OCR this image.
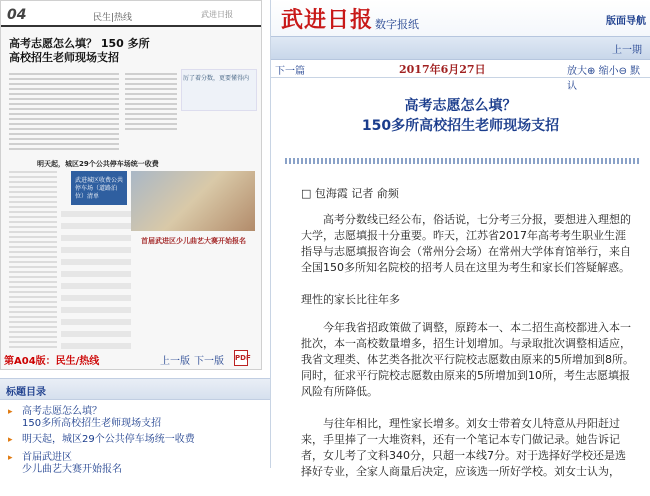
04	民生|热线	武进日报
高考志愿怎么填？ 150 多所高校招生老师现场支招
厉了着分数，更要懂得内
明天起，城区29个公共停车场统一收费
武进城区收费公共停车场（道路泊位）清单
首届武进区少儿曲艺大赛开始报名
第A04版：民生/热线	上一版 下一版 PDF
标题目录
▸ 高考志愿怎么填？
150多所高校招生老师现场支招
▸ 明天起，城区29个公共停车场统一收费
▸ 首届武进区
少儿曲艺大赛开始报名
武进日报 数字报纸	版面导航
上一期
下一篇	2017年6月27日	放大⊕ 缩小⊖ 默认
高考志愿怎么填？
150多所高校招生老师现场支招

□ 包海霞 记者 俞频

高考分数线已经公布，俗话说，七分考三分报，要想进入理想的大学，志愿填报十分重要。昨天，江苏省2017年高考考生职业生涯指导与志愿填报咨询会（常州分会场）在常州大学体育馆举行，来自全国150多所知名院校的招考人员在这里为考生和家长们答疑解惑。

理性的家长比往年多

今年我省招政策做了调整，原跨本一、本二招生高校都进入本一批次，本一高校数量增多，招生计划增加。与录取批次调整相适应，我省文理类、体艺类各批次平行院校志愿数由原来的5所增加到8所。同时，征求平行院校志愿数由原来的5所增加到10所，考生志愿填报风险有所降低。

与往年相比，理性家长增多。刘女士带着女儿特意从丹阳赶过来，手里捧了一大堆资料，还有一个笔记本专门做记录。她告诉记者，女儿考了文科340分，只超一本线7分。对于选择好学校还是选择好专业，全家人商量后决定，应该选一所好学校。刘女士认为，
